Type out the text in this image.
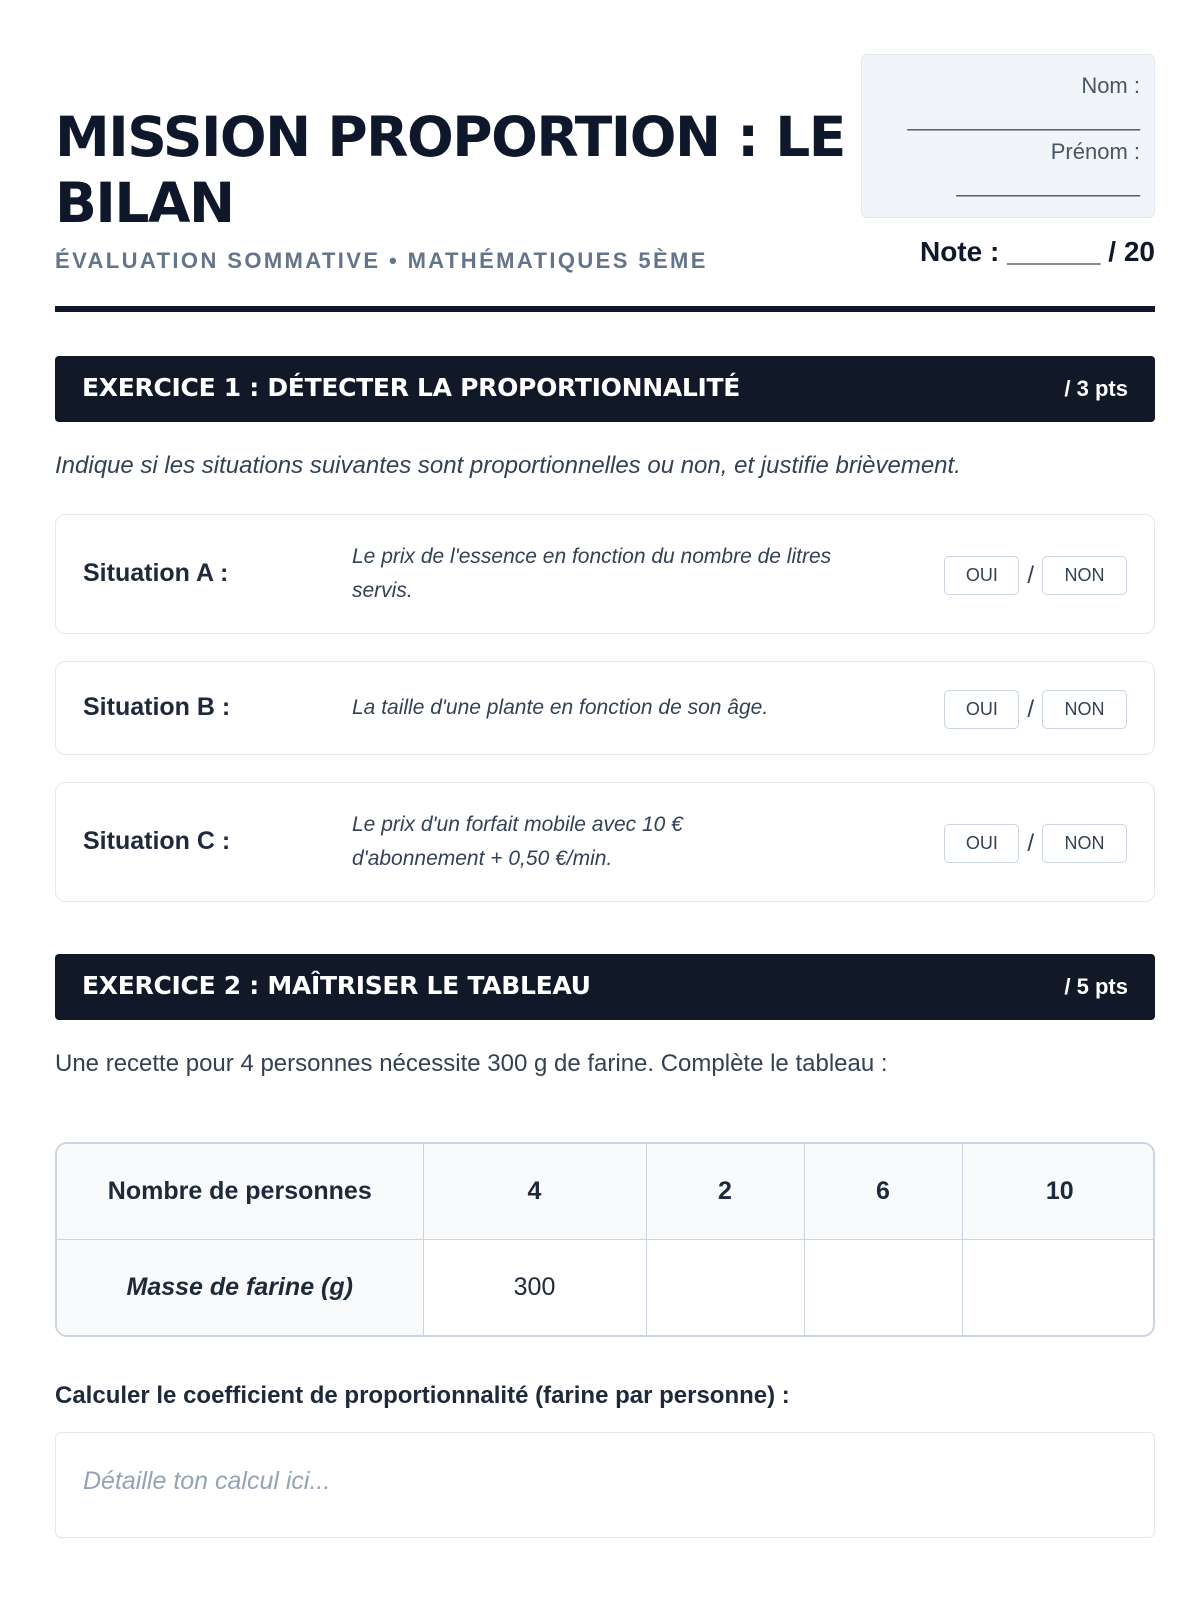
MISSION PROPORTION : LE BILAN
ÉVALUATION SOMMATIVE • MATHÉMATIQUES 5ÈME
Nom :
___________________
Prénom :
_______________
Note : ______ / 20
EXERCICE 1 : DÉTECTER LA PROPORTIONNALITÉ	/ 3 pts
Indique si les situations suivantes sont proportionnelles ou non, et justifie brièvement.
Situation A :
Le prix de l'essence en fonction du nombre de litres servis.
OUI	/	NON
Situation B :	La taille d'une plante en fonction de son âge.	OUI	/	NON
Situation C :
Le prix d'un forfait mobile avec 10 € d'abonnement + 0,50 €/min.
OUI	/	NON
EXERCICE 2 : MAÎTRISER LE TABLEAU	/ 5 pts
Une recette pour 4 personnes nécessite 300 g de farine. Complète le tableau :
Nombre de personnes	4	2	6	10
Masse de farine (g)	300			
Calculer le coefficient de proportionnalité (farine par personne) :
Détaille ton calcul ici...
